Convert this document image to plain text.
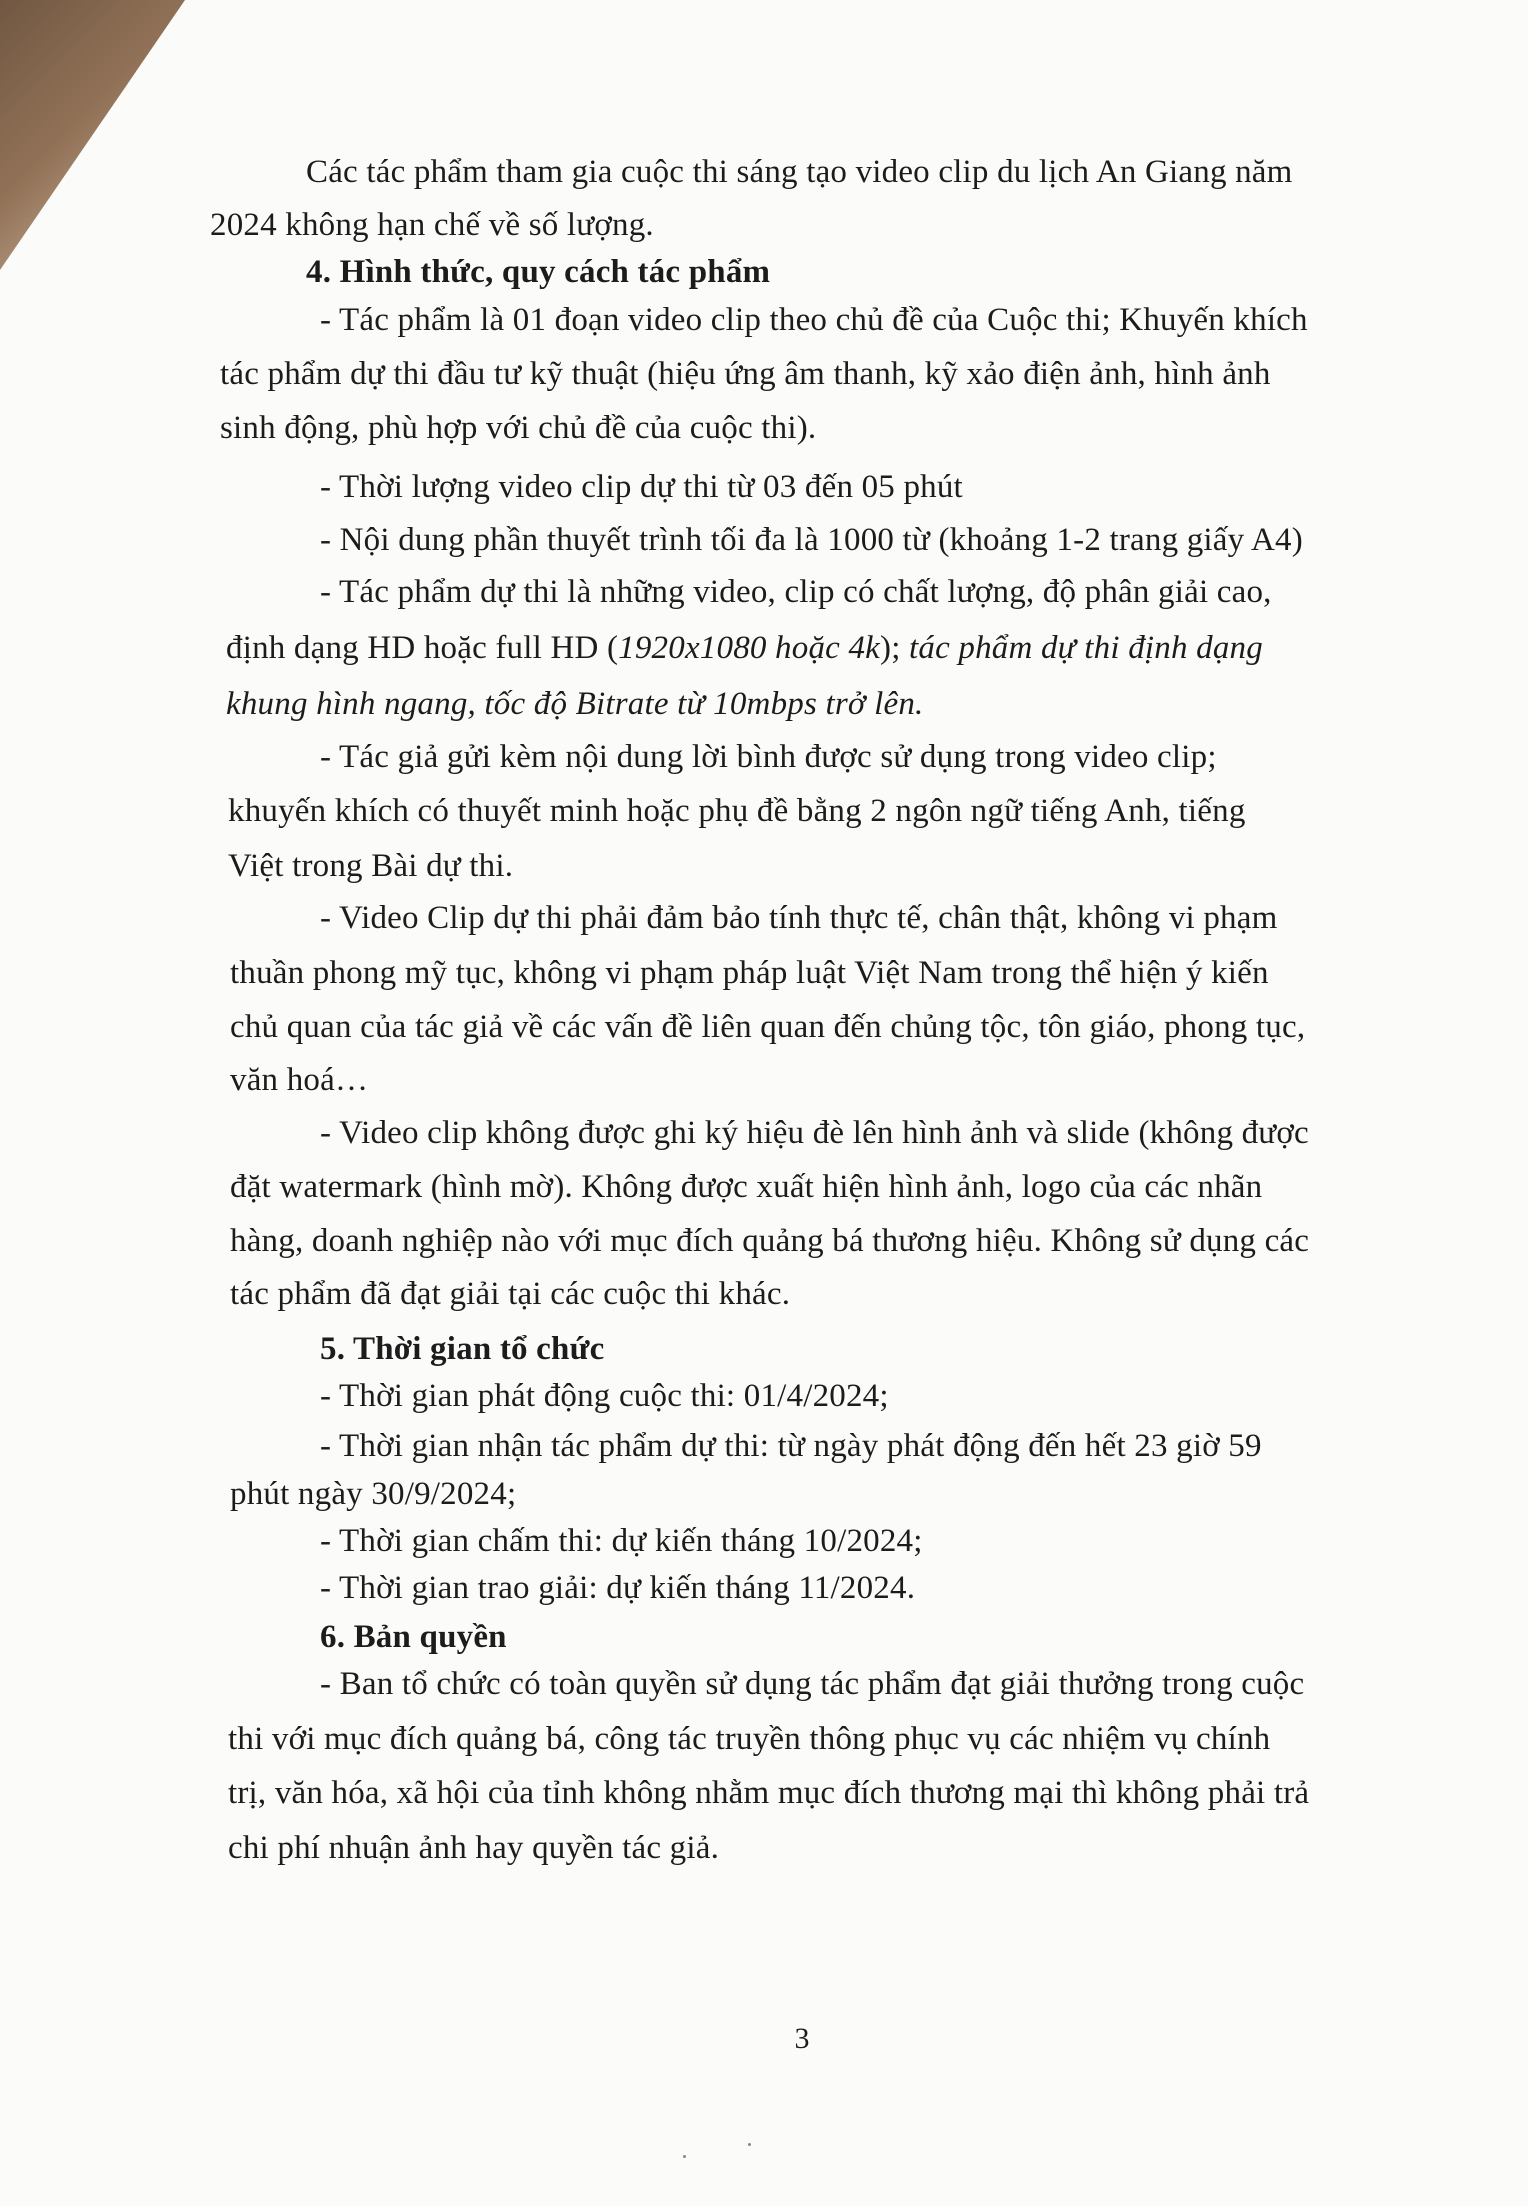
Các tác phẩm tham gia cuộc thi sáng tạo video clip du lịch An Giang năm
2024 không hạn chế về số lượng.
4. Hình thức, quy cách tác phẩm
- Tác phẩm là 01 đoạn video clip theo chủ đề của Cuộc thi; Khuyến khích
tác phẩm dự thi đầu tư kỹ thuật (hiệu ứng âm thanh, kỹ xảo điện ảnh, hình ảnh
sinh động, phù hợp với chủ đề của cuộc thi).
- Thời lượng video clip dự thi từ 03 đến 05 phút
- Nội dung phần thuyết trình tối đa là 1000 từ (khoảng 1-2 trang giấy A4)
- Tác phẩm dự thi là những video, clip có chất lượng, độ phân giải cao,
định dạng HD hoặc full HD (1920x1080 hoặc 4k); tác phẩm dự thi định dạng
khung hình ngang, tốc độ Bitrate từ 10mbps trở lên.
- Tác giả gửi kèm nội dung lời bình được sử dụng trong video clip;
khuyến khích có thuyết minh hoặc phụ đề bằng 2 ngôn ngữ tiếng Anh, tiếng
Việt trong Bài dự thi.
- Video Clip dự thi phải đảm bảo tính thực tế, chân thật, không vi phạm
thuần phong mỹ tục, không vi phạm pháp luật Việt Nam trong thể hiện ý kiến
chủ quan của tác giả về các vấn đề liên quan đến chủng tộc, tôn giáo, phong tục,
văn hoá…
- Video clip không được ghi ký hiệu đè lên hình ảnh và slide (không được
đặt watermark (hình mờ). Không được xuất hiện hình ảnh, logo của các nhãn
hàng, doanh nghiệp nào với mục đích quảng bá thương hiệu. Không sử dụng các
tác phẩm đã đạt giải tại các cuộc thi khác.
5. Thời gian tổ chức
- Thời gian phát động cuộc thi: 01/4/2024;
- Thời gian nhận tác phẩm dự thi: từ ngày phát động đến hết 23 giờ 59
phút ngày 30/9/2024;
- Thời gian chấm thi: dự kiến tháng 10/2024;
- Thời gian trao giải: dự kiến tháng 11/2024.
6. Bản quyền
- Ban tổ chức có toàn quyền sử dụng tác phẩm đạt giải thưởng trong cuộc
thi với mục đích quảng bá, công tác truyền thông phục vụ các nhiệm vụ chính
trị, văn hóa, xã hội của tỉnh không nhằm mục đích thương mại thì không phải trả
chi phí nhuận ảnh hay quyền tác giả.
3
